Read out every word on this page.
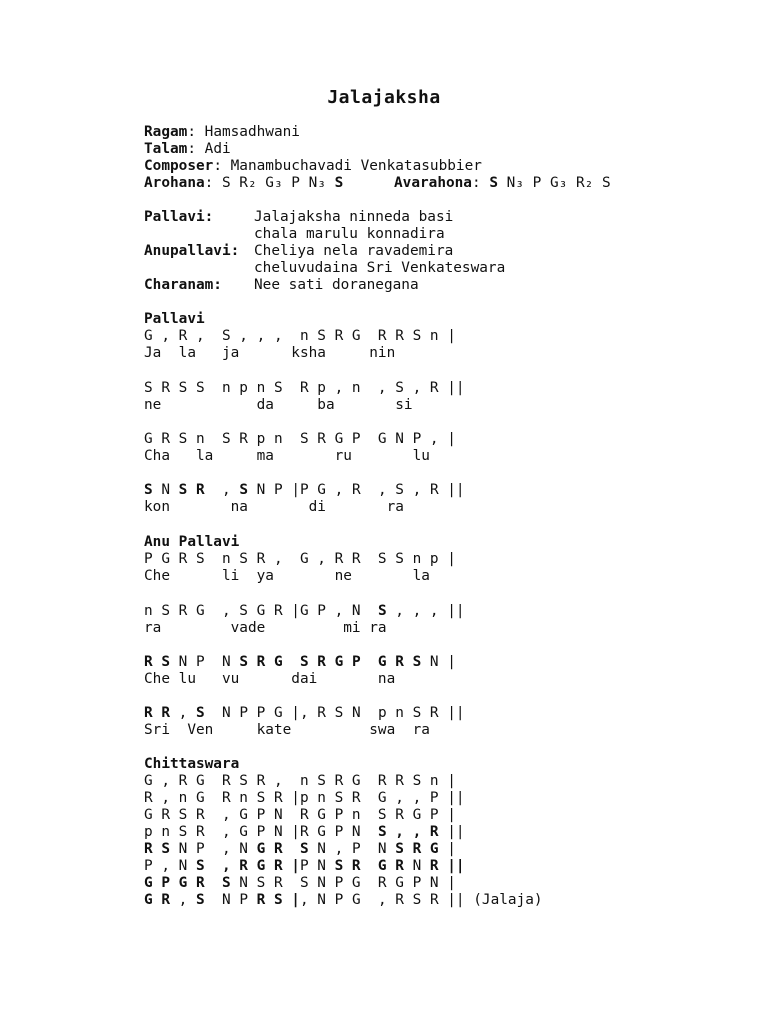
Jalajaksha
Ragam: Hamsadhwani
Talam: Adi
Composer: Manambuchavadi Venkatasubbier
Arohana: S R₂ G₃ P N₃ S	Avarahona: S N₃ P G₃ R₂ S
Pallavi:	Jalajaksha ninneda basi
chala marulu konnadira
Anupallavi: Cheliya nela ravademira
cheluvudaina Sri Venkateswara
Charanam: Nee sati doranegana
Pallavi
G , R ,  S , , ,  n S R G  R R S n |
Ja  la   ja      ksha     nin
S R S S  n p n S  R p , n  , S , R ||
ne           da     ba       si
G R S n  S R p n  S R G P  G N P , |
Cha   la     ma       ru       lu
S N S R  , S N P |P G , R  , S , R ||
kon       na       di       ra
Anu Pallavi
P G R S  n S R ,  G , R R  S S n p |
Che      li  ya       ne       la
n S R G  , S G R |G P , N  S , , , ||
ra        vade         mi ra
R S N P  N S R G  S R G P  G R S N |
Che lu   vu      dai       na
R R , S  N P P G |, R S N  p n S R ||
Sri  Ven     kate         swa  ra
Chittaswara
G , R G  R S R ,  n S R G  R R S n |
R , n G  R n S R |p n S R  G , , P ||
G R S R  , G P N  R G P n  S R G P |
p n S R  , G P N |R G P N  S , , R ||
R S N P  , N G R  S N , P  N S R G |
P , N S  , R G R |P N S R  G R N R ||
G P G R  S N S R  S N P G  R G P N |
G R , S  N P R S |, N P G  , R S R || (Jalaja)
